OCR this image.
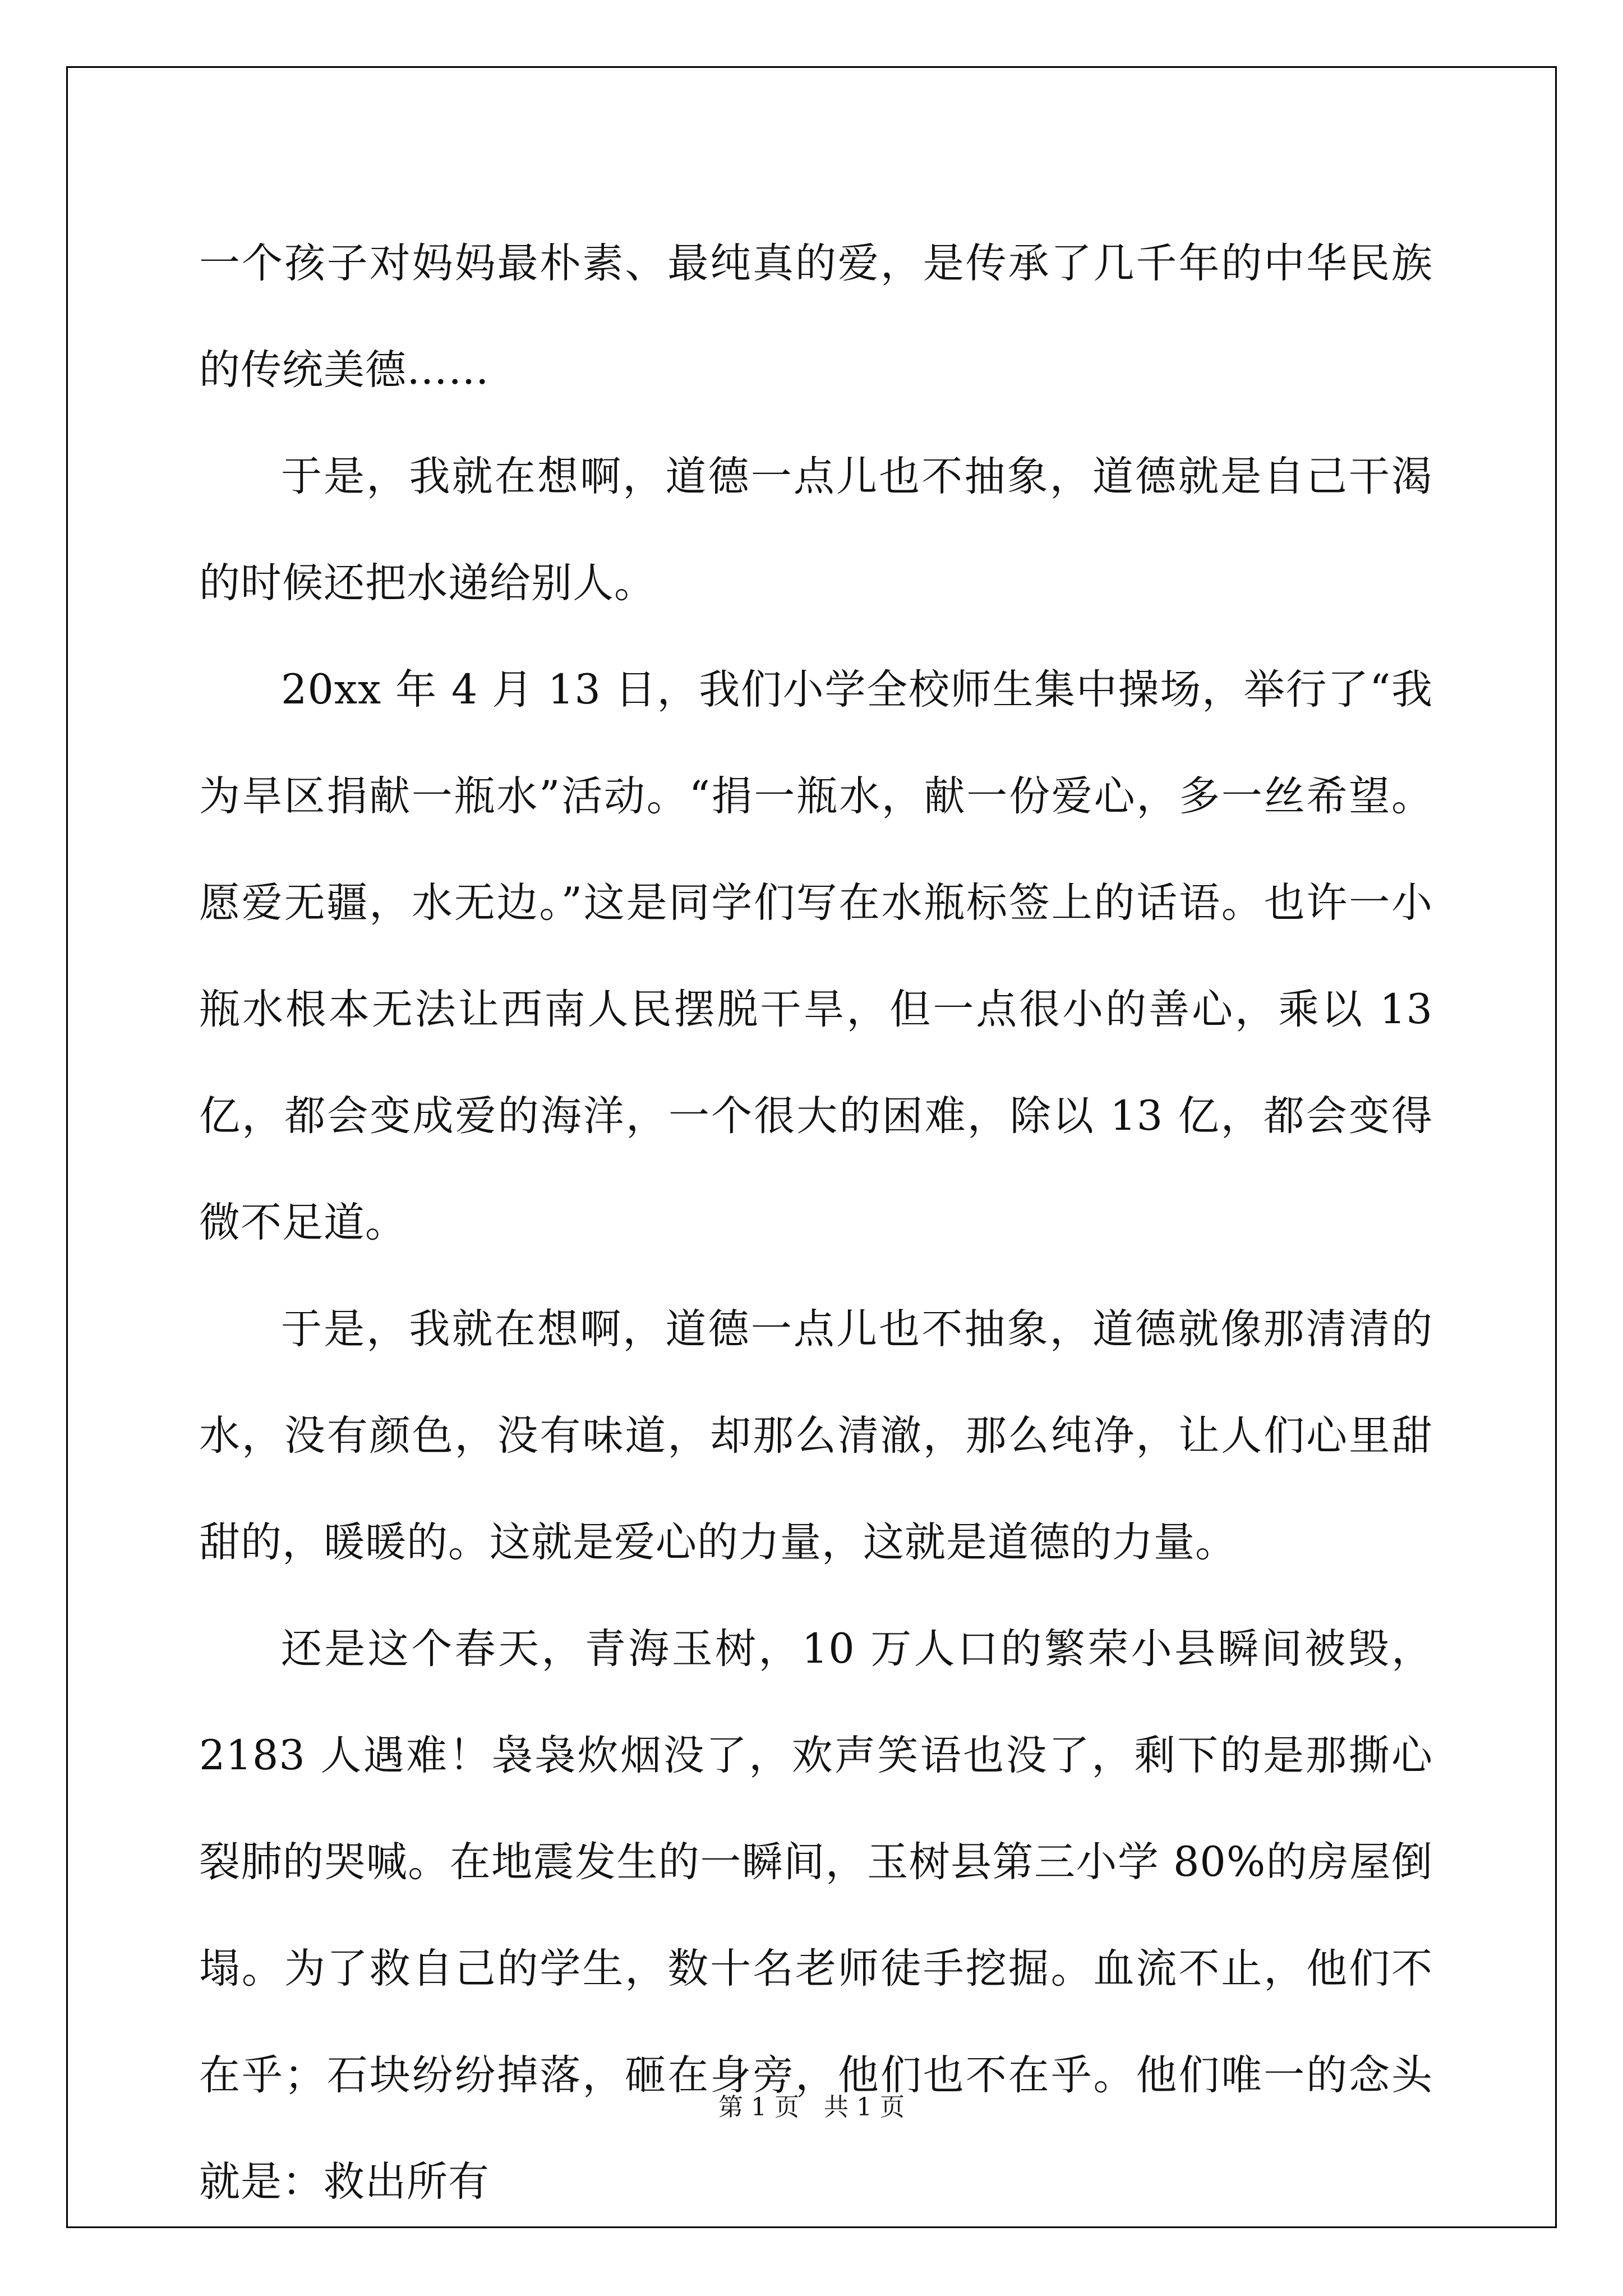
一个孩子对妈妈最朴素、最纯真的爱，是传承了几千年的中华民族的传统美德……

于是，我就在想啊，道德一点儿也不抽象，道德就是自己干渴的时候还把水递给别人。

20xx 年 4 月 13 日，我们小学全校师生集中操场，举行了“我为旱区捐献一瓶水”活动。“捐一瓶水，献一份爱心，多一丝希望。愿爱无疆，水无边。”这是同学们写在水瓶标签上的话语。也许一小瓶水根本无法让西南人民摆脱干旱，但一点很小的善心，乘以 13 亿，都会变成爱的海洋，一个很大的困难，除以 13 亿，都会变得微不足道。

于是，我就在想啊，道德一点儿也不抽象，道德就像那清清的水，没有颜色，没有味道，却那么清澈，那么纯净，让人们心里甜甜的，暖暖的。这就是爱心的力量，这就是道德的力量。

还是这个春天，青海玉树，10 万人口的繁荣小县瞬间被毁，2183 人遇难！袅袅炊烟没了，欢声笑语也没了，剩下的是那撕心裂肺的哭喊。在地震发生的一瞬间，玉树县第三小学 80%的房屋倒塌。为了救自己的学生，数十名老师徒手挖掘。血流不止，他们不在乎；石块纷纷掉落，砸在身旁，他们也不在乎。他们唯一的念头就是：救出所有

第 1 页　共 1 页
